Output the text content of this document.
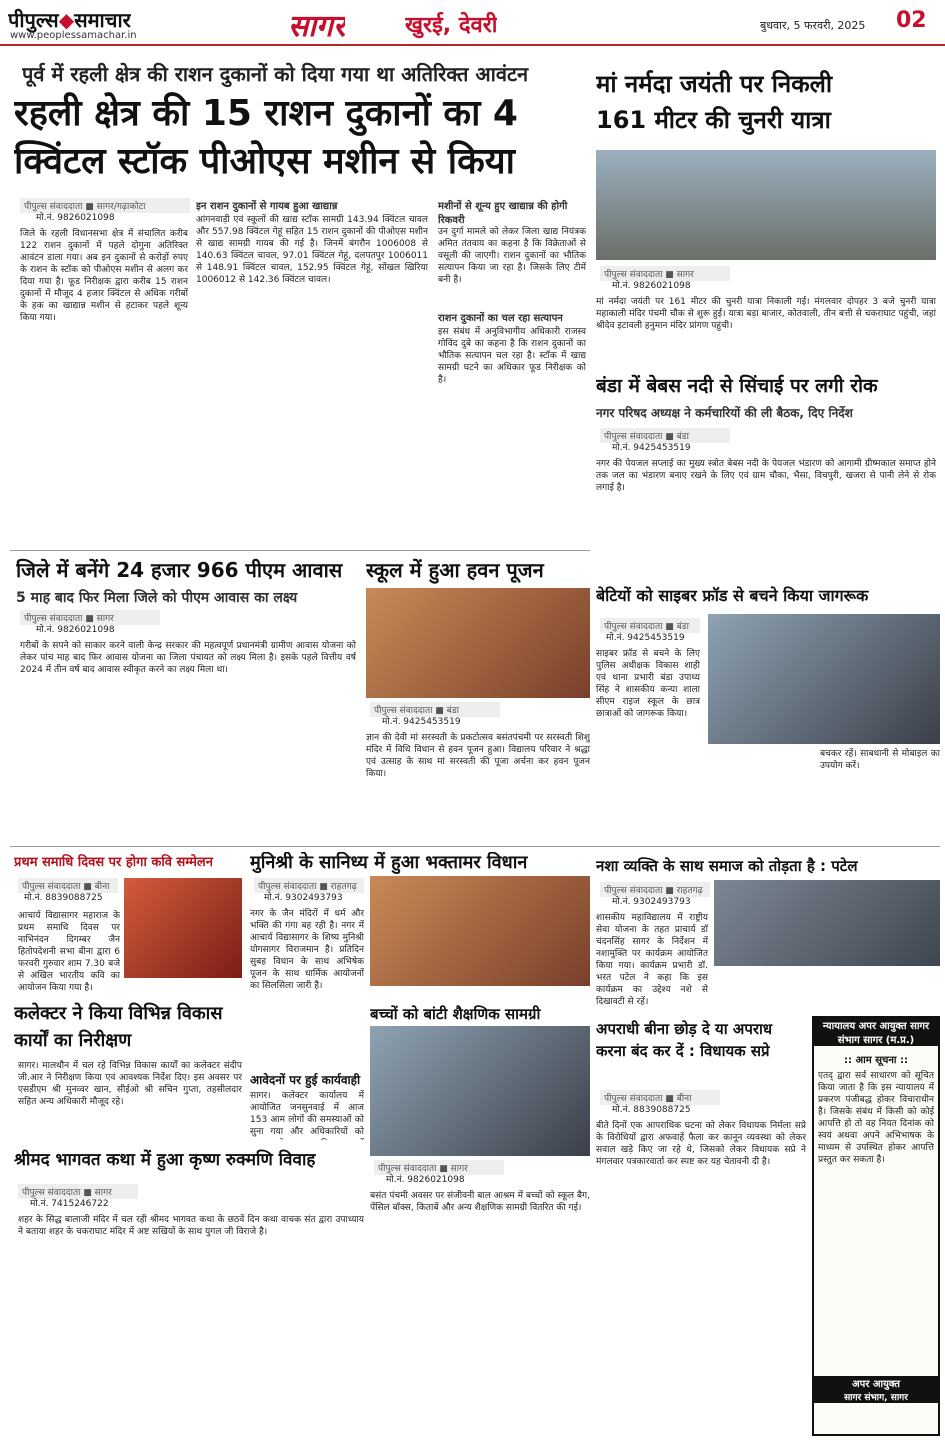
पीपुल्स◆समाचार
www.peoplessamachar.in	सागर	खुरई, देवरी	बुधवार, 5 फरवरी, 2025 02
पूर्व में रहली क्षेत्र की राशन दुकानों को दिया गया था अतिरिक्त आवंटन
रहली क्षेत्र की 15 राशन दुकानों का 4
क्विंटल स्टॉक पीओएस मशीन से किया
पीपुल्स संवाददाता ■ सागर/गढ़ाकोटा
मो.नं. 9826021098
जिले के रहली विधानसभा क्षेत्र में संचालित करीब 122 राशन दुकानों में पहले दोगुना अतिरिक्त आवंटन डाला गया। अब इन दुकानों से करोड़ों रुपए के राशन के स्टॉक को पीओएस मशीन से अलग कर दिया गया है। फूड निरीक्षक द्वारा करीब 15 राशन दुकानों में मौजूद 4 हजार क्विंटल से अधिक गरीबों के हक का खाद्यान्न मशीन से हटाकर पहले शून्य किया गया।
इन राशन दुकानों से गायब हुआ खाद्यान्न
आंगनवाड़ी एवं स्कूलों की खाद्य स्टॉक सामग्री 143.94 क्विंटल चावल और 557.98 क्विंटल गेहूं सहित 15 राशन दुकानों की पीओएस मशीन से खाद्य सामग्री गायब की गई है। जिनमें बंगरौन 1006008 से 140.63 क्विंटल चावल, 97.01 क्विंटल गेहूं, दलपतपुर 1006011 से 148.91 क्विंटल चावल, 152.95 क्विंटल गेहूं, सोंखल खिरिया 1006012 से 142.36 क्विंटल चावल।
मशीनों से शून्य हुए खाद्यान्न की होगी रिकवरी
उन दुर्गा मामले को लेकर जिला खाद्य नियंत्रक अमित तंतवाय का कहना है कि विक्रेताओं से वसूली की जाएगी। राशन दुकानों का भौतिक सत्यापन किया जा रहा है। जिसके लिए टीमें बनी है।
राशन दुकानों का चल रहा सत्यापन
इस संबंध में अनुविभागीय अधिकारी राजस्व गोविंद दुबे का कहना है कि राशन दुकानों का भौतिक सत्यापन चल रहा है। स्टॉक में खाद्य सामग्री घटने का अधिकार फूड निरीक्षक को है।
मां नर्मदा जयंती पर निकली
161 मीटर की चुनरी यात्रा
पीपुल्स संवाददाता ■ सागर
मो.नं. 9826021098
मां नर्मदा जयंती पर 161 मीटर की चुनरी यात्रा निकाली गई। मंगलवार दोपहर 3 बजे चुनरी यात्रा महाकाली मंदिर पंचमी चौक से शुरू हुई। यात्रा बड़ा बाजार, कोतवाली, तीन बत्ती से चकराघाट पहुंची, जहां श्रीदेव इटावली हनुमान मंदिर प्रांगण पहुंची।
बंडा में बेबस नदी से सिंचाई पर लगी रोक
नगर परिषद अध्यक्ष ने कर्मचारियों की ली बैठक, दिए निर्देश
पीपुल्स संवाददाता ■ बंडा
मो.नं. 9425453519
नगर की पेयजल सप्लाई का मुख्य स्त्रोत बेबस नदी के पेयजल भंडारण को आगामी ग्रीष्मकाल समाप्त होने तक जल का भंडारण बनाए रखने के लिए एवं ग्राम चौका, भैसा, विचपुरी, खजरा से पानी लेने से रोक लगाई है।
जिले में बनेंगे 24 हजार 966 पीएम आवास
5 माह बाद फिर मिला जिले को पीएम आवास का लक्ष्य
पीपुल्स संवाददाता ■ सागर
मो.नं. 9826021098
गरीबों के सपने को साकार करने वाली केन्द्र सरकार की महत्वपूर्ण प्रधानमंत्री ग्रामीण आवास योजना को लेकर पांच माह बाद फिर आवास योजना का जिला पंचायत को लक्ष्य मिला है। इसके पहले वित्तीय वर्ष 2024 में तीन वर्ष बाद आवास स्वीकृत करने का लक्ष्य मिला था।
स्कूल में हुआ हवन पूजन
पीपुल्स संवाददाता ■ बंडा
मो.नं. 9425453519
ज्ञान की देवी मां सरस्वती के प्रकटोत्सव बसंतपंचमी पर सरस्वती शिशु मंदिर में विधि विधान से हवन पूजन हुआ। विद्यालय परिवार ने श्रद्धा एवं उत्साह के साथ मां सरस्वती की पूजा अर्चना कर हवन पूजन किया।
बेटियों को साइबर फ्रॉड से बचने किया जागरूक
पीपुल्स संवाददाता ■ बंडा
मो.नं. 9425453519
साइबर फ्रॉड से बचने के लिए पुलिस अधीक्षक विकास शाही एवं थाना प्रभारी बंडा उपाध्य सिंह ने शासकीय कन्या शाला सीएम राइज स्कूल के छात्र छात्राओं को जागरूक किया।
बचकर रहें। साबधानी से मोबाइल का उपयोग करें।
प्रथम समाधि दिवस पर होगा कवि सम्मेलन
पीपुल्स संवाददाता ■ बीना
मो.नं. 8839088725
आचार्य विद्यासागर महाराज के प्रथम समाधि दिवस पर नाभिनंदन दिगम्बर जैन हितोपदेशनी सभा बीना द्वारा 6 फरवरी गुरुवार शाम 7.30 बजे से अखिल भारतीय कवि का आयोजन किया गया है।
कलेक्टर ने किया विभिन्न विकास कार्यों का निरीक्षण
सागर। मालथौन में चल रहे विभिन्न विकास कार्यों का कलेक्टर संदीप जी.आर ने निरीक्षण किया एवं आवश्यक निर्देश दिए। इस अवसर पर एसडीएम श्री मुनव्वर खान, सीईओ श्री सचिन गुप्ता, तहसीलदार सहित अन्य अधिकारी मौजूद रहे।
मुनिश्री के सानिध्य में हुआ भक्तामर विधान
पीपुल्स संवाददाता ■ राहतगढ़
मो.नं. 9302493793
नगर के जैन मंदिरों में धर्म और भक्ति की गंगा बह रही है। नगर में आचार्य विद्यासागर के शिष्य मुनिश्री योगसागर विराजमान है। प्रतिदिन सुबह विधान के साथ अभिषेक पूजन के साथ धार्मिक आयोजनों का सिलसिला जारी है।
आवेदनों पर हुई कार्यवाही
सागर। कलेक्टर कार्यालय में आयोजित जनसुनवाई में आज 153 आम लोगों की समस्याओं को सुना गया और अधिकारियों को
बच्चों को बांटी शैक्षणिक सामग्री
पीपुल्स संवाददाता ■ सागर
मो.नं. 9826021098
बसंत पंचमी अवसर पर संजीवनी बाल आश्रम में बच्चों को स्कूल बैग, पेंसिल बॉक्स, किताबें और अन्य शैक्षणिक सामग्री वितरित की गई।
श्रीमद भागवत कथा में हुआ कृष्ण रुक्मणि विवाह
पीपुल्स संवाददाता ■ सागर
मो.नं. 7415246722
शहर के सिद्ध बालाजी मंदिर में चल रही श्रीमद भागवत कथा के छठवें दिन कथा वाचक संत द्वारा उपाध्याय ने बताया शहर के चकराघाट मंदिर में अष्ट सखियों के साथ युगल जी विराजे है।
नशा व्यक्ति के साथ समाज को तोड़ता है : पटेल
पीपुल्स संवाददाता ■ राहतगढ़
मो.नं. 9302493793
शासकीय महाविद्यालय में राष्ट्रीय सेवा योजना के तहत प्राचार्य डॉ चंदनसिंह सागर के निर्देशन में नशामुक्ति पर कार्यक्रम आयोजित किया गया। कार्यक्रम प्रभारी डॉ. भरत पटेल ने कहा कि इस कार्यक्रम का उद्देश्य नशे से दिखावटी से रहें।
अपराधी बीना छोड़ दे या अपराध करना बंद कर दें : विधायक सप्रे
पीपुल्स संवाददाता ■ बीना
मो.नं. 8839088725
बीते दिनों एक आपराधिक घटना को लेकर विधायक निर्मला सप्रे के विरोधियों द्वारा अफवाहें फैला कर कानून व्यवस्था को लेकर सवाल खड़े किए जा रहे थे, जिसको लेकर विधायक सप्रे ने मंगलवार पत्रकारवार्ता कर स्पष्ट कर यह चेतावनी दी है।
न्यायालय अपर आयुक्त सागर संभाग सागर (म.प्र.)
:: आम सूचना ::
एतद् द्वारा सर्व साधारण को सूचित किया जाता है कि इस न्यायालय में प्रकरण पंजीबद्ध होकर विचाराधीन है। जिसके संबंध में किसी को कोई आपत्ति हो तो वह नियत दिनांक को स्वयं अथवा अपने अभिभाषक के माध्यम से उपस्थित होकर आपत्ति प्रस्तुत कर सकता है।
अपर आयुक्त
सागर संभाग, सागर
